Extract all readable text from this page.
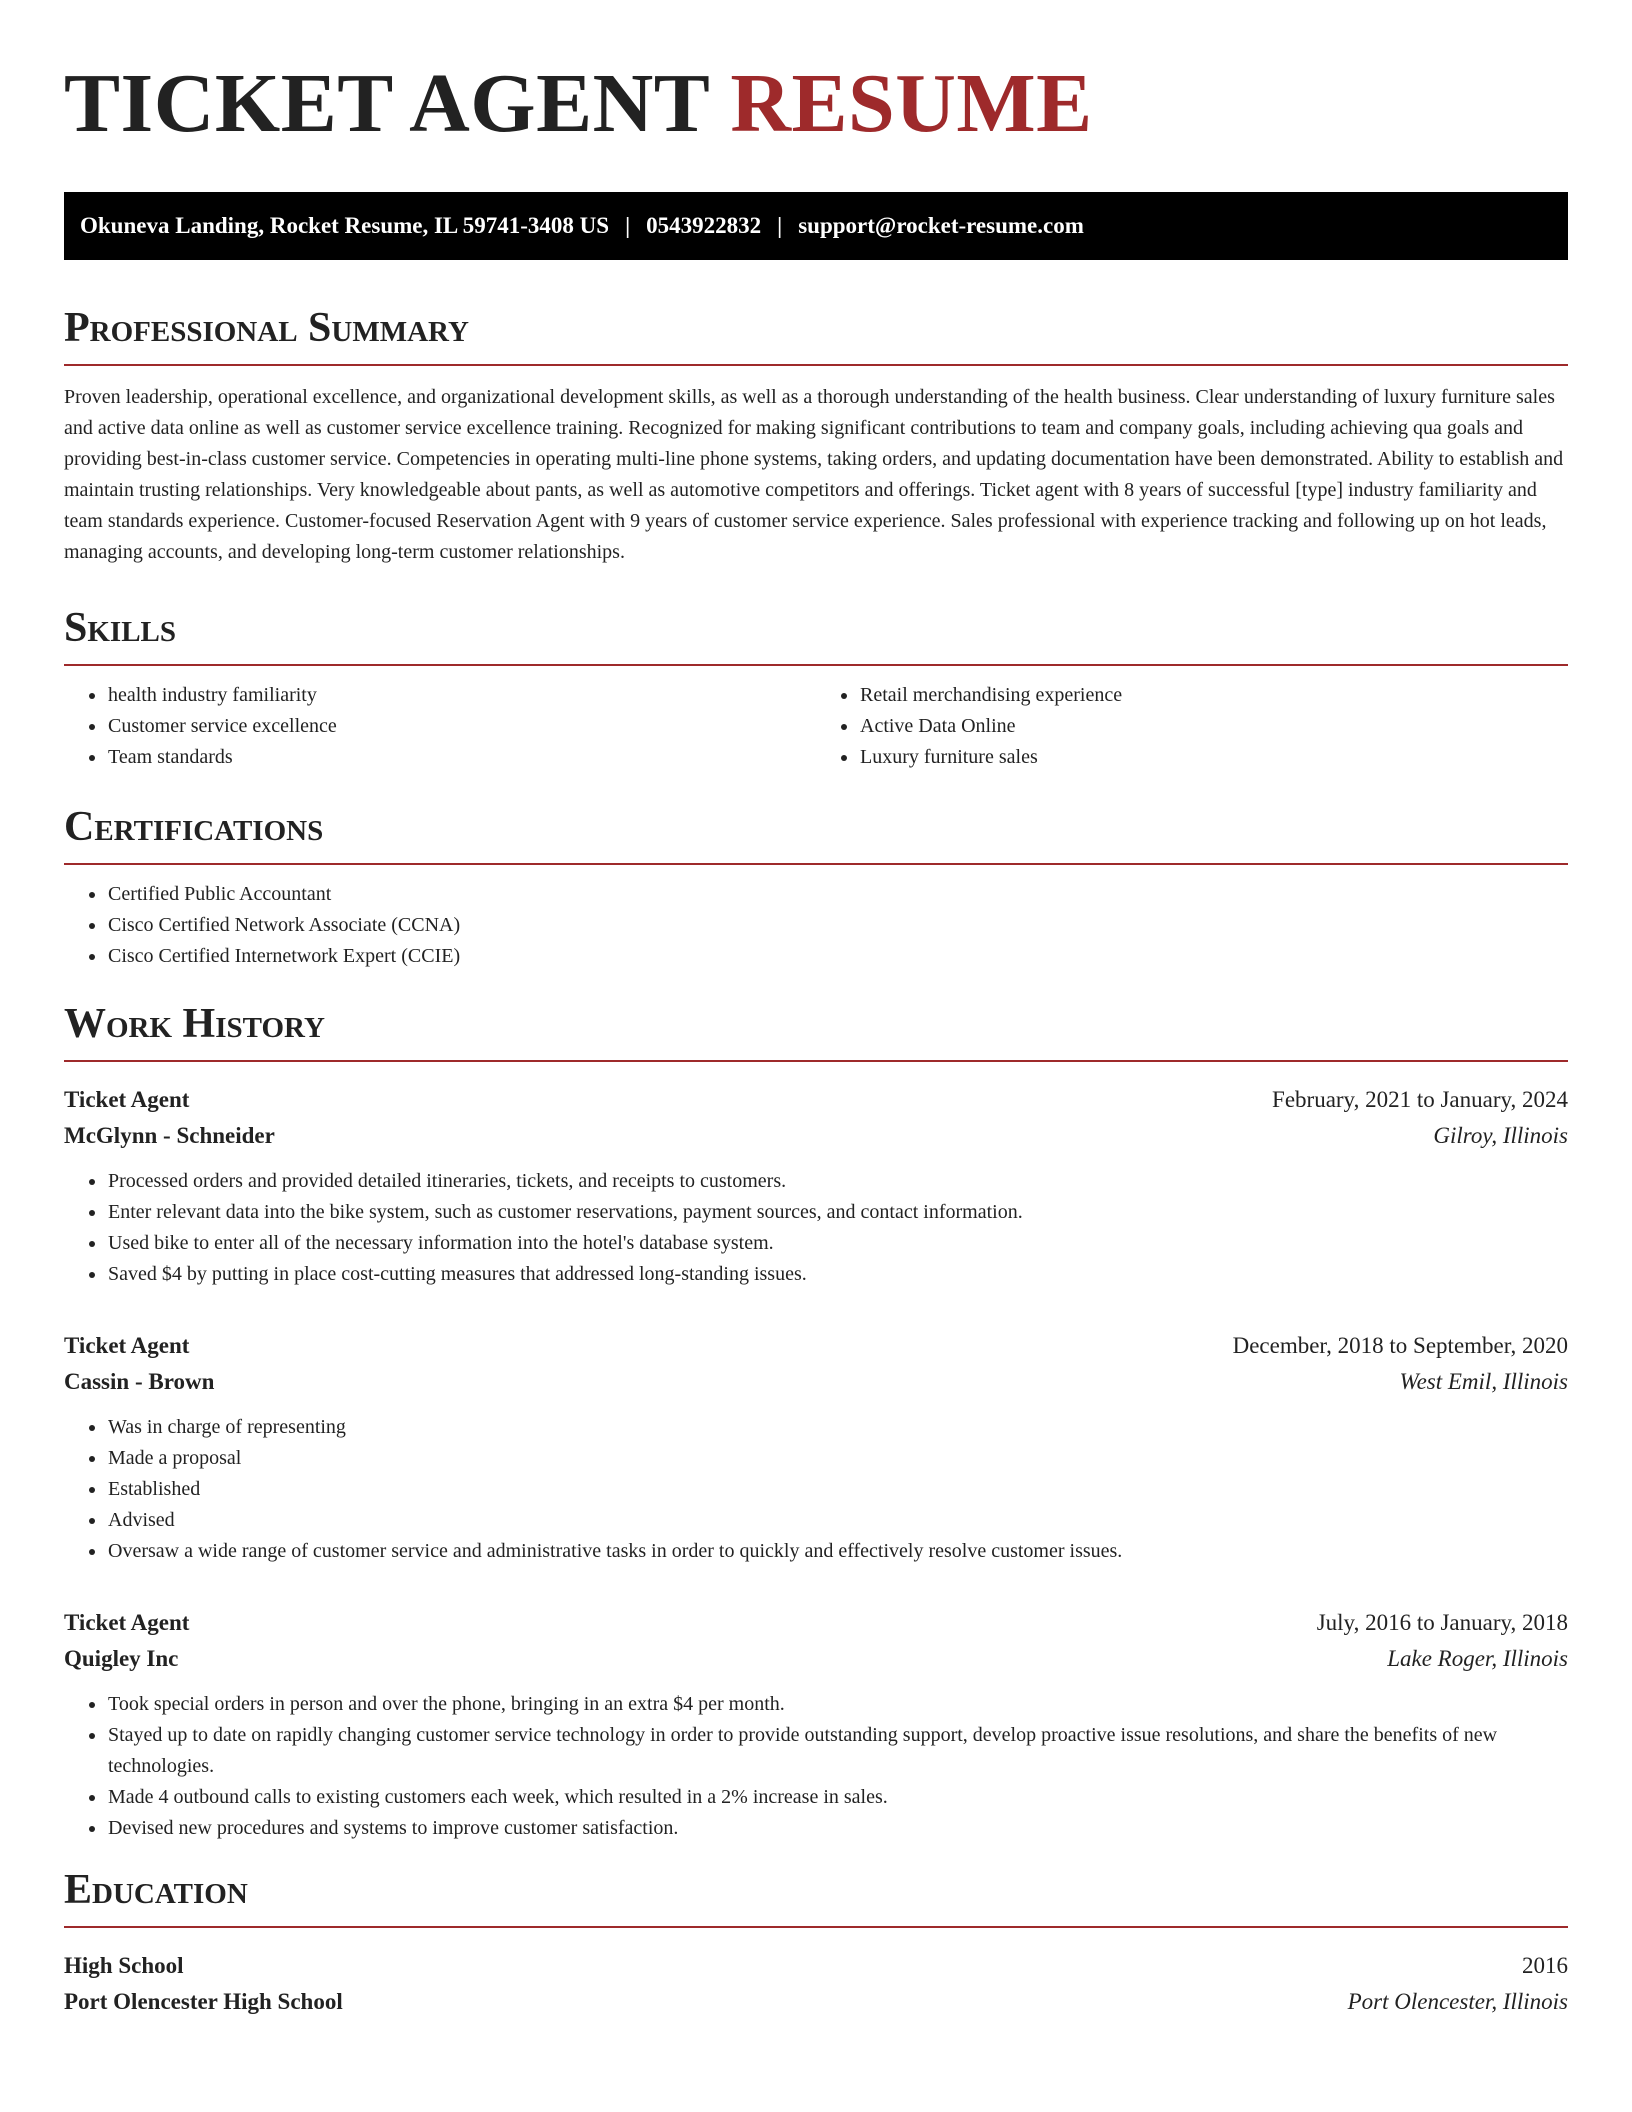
TICKET AGENT RESUME
Okuneva Landing, Rocket Resume, IL 59741-3408 US | 0543922832 | support@rocket-resume.com
Professional Summary

Proven leadership, operational excellence, and organizational development skills, as well as a thorough understanding of the health business. Clear understanding of luxury furniture sales and active data online as well as customer service excellence training. Recognized for making significant contributions to team and company goals, including achieving qua goals and providing best-in-class customer service. Competencies in operating multi-line phone systems, taking orders, and updating documentation have been demonstrated. Ability to establish and maintain trusting relationships. Very knowledgeable about pants, as well as automotive competitors and offerings. Ticket agent with 8 years of successful [type] industry familiarity and team standards experience. Customer-focused Reservation Agent with 9 years of customer service experience. Sales professional with experience tracking and following up on hot leads, managing accounts, and developing long-term customer relationships.

Skills
• health industry familiarity
• Customer service excellence
• Team standards
• Retail merchandising experience
• Active Data Online
• Luxury furniture sales
Certifications
• Certified Public Accountant
• Cisco Certified Network Associate (CCNA)
• Cisco Certified Internetwork Expert (CCIE)
Work History
Ticket Agent	February, 2021 to January, 2024
McGlynn - Schneider	Gilroy, Illinois
• Processed orders and provided detailed itineraries, tickets, and receipts to customers.
• Enter relevant data into the bike system, such as customer reservations, payment sources, and contact information.
• Used bike to enter all of the necessary information into the hotel's database system.
• Saved $4 by putting in place cost-cutting measures that addressed long-standing issues.
Ticket Agent	December, 2018 to September, 2020
Cassin - Brown	West Emil, Illinois
• Was in charge of representing
• Made a proposal
• Established
• Advised
• Oversaw a wide range of customer service and administrative tasks in order to quickly and effectively resolve customer issues.
Ticket Agent	July, 2016 to January, 2018
Quigley Inc	Lake Roger, Illinois
• Took special orders in person and over the phone, bringing in an extra $4 per month.
• Stayed up to date on rapidly changing customer service technology in order to provide outstanding support, develop proactive issue resolutions, and share the benefits of new technologies.
• Made 4 outbound calls to existing customers each week, which resulted in a 2% increase in sales.
• Devised new procedures and systems to improve customer satisfaction.
Education
High School	2016
Port Olencester High School	Port Olencester, Illinois
